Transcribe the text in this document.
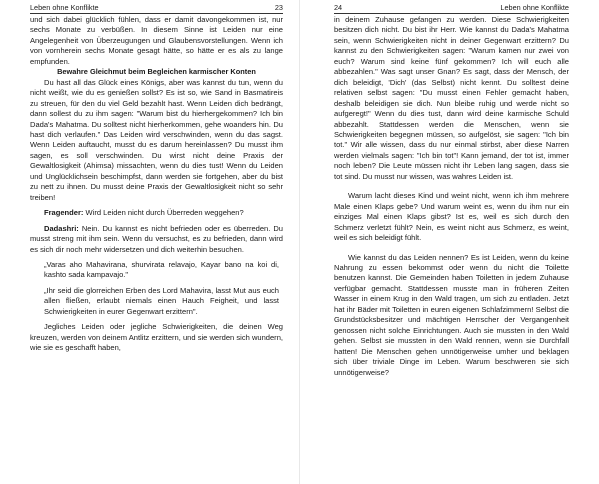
Leben ohne Konflikte	23

und sich dabei glücklich fühlen, dass er damit davongekommen ist, nur sechs Monate zu verbüßen. In diesem Sinne ist Leiden nur eine Angelegenheit von Überzeugungen und Glaubensvorstellungen. Wenn ich von vornherein sechs Monate gesagt hätte, so hätte er es als zu lange empfunden.

Bewahre Gleichmut beim Begleichen karmischer Konten

Du hast all das Glück eines Königs, aber was kannst du tun, wenn du nicht weißt, wie du es genießen sollst? Es ist so, wie Sand in Basmatireis zu streuen, für den du viel Geld bezahlt hast. Wenn Leiden dich bedrängt, dann sollest du zu ihm sagen: "Warum bist du hierhergekommen? Ich bin Dada's Mahatma. Du solltest nicht hierherkommen, gehe woanders hin. Du hast dich verlaufen." Das Leiden wird verschwinden, wenn du das sagst. Wenn Leiden auftaucht, musst du es darum hereinlassen? Du musst ihm sagen, es soll verschwinden. Du wirst nicht deine Praxis der Gewaltlosigkeit (Ahimsa) missachten, wenn du dies tust! Wenn du Leiden und Unglücklichsein beschimpfst, dann werden sie fortgehen, aber du bist zu nett zu ihnen. Du musst deine Praxis der Gewaltlosigkeit nicht so sehr treiben!

Fragender: Wird Leiden nicht durch Überreden weggehen?

Dadashri: Nein. Du kannst es nicht befrieden oder es überreden. Du musst streng mit ihm sein. Wenn du versuchst, es zu befrieden, dann wird es sich dir noch mehr widersetzen und dich weiterhin besuchen.

„Varas aho Mahavirana, shurvirata relavajo, Kayar bano na koi di, kashto sada kampavajo."

„Ihr seid die glorreichen Erben des Lord Mahavira, lasst Mut aus euch allen fließen, erlaubt niemals einen Hauch Feigheit, und lasst Schwierigkeiten in eurer Gegenwart erzittern".

Jegliches Leiden oder jegliche Schwierigkeiten, die deinen Weg kreuzen, werden von deinem Antlitz erzittern, und sie werden sich wundern, wie sie es geschafft haben,

24	Leben ohne Konflikte

in deinem Zuhause gefangen zu werden. Diese Schwierigkeiten besitzen dich nicht. Du bist ihr Herr. Wie kannst du Dada's Mahatma sein, wenn Schwierigkeiten nicht in deiner Gegenwart erzittern? Du kannst zu den Schwierigkeiten sagen: "Warum kamen nur zwei von euch? Warum sind keine fünf gekommen? Ich will euch alle abbezahlen." Was sagt unser Gnan? Es sagt, dass der Mensch, der dich beleidigt, 'Dich' (das Selbst) nicht kennt. Du solltest deine relativen selbst sagen: "Du musst einen Fehler gemacht haben, deshalb beleidigen sie dich. Nun bleibe ruhig und werde nicht so aufgeregt!" Wenn du dies tust, dann wird deine karmische Schuld abbezahlt. Stattdessen werden die Menschen, wenn sie Schwierigkeiten begegnen müssen, so aufgelöst, sie sagen: "Ich bin tot." Wir alle wissen, dass du nur einmal stirbst, aber diese Narren werden vielmals sagen: "Ich bin tot"! Kann jemand, der tot ist, immer noch leben? Die Leute müssen nicht ihr Leben lang sagen, dass sie tot sind. Du musst nur wissen, was wahres Leiden ist.

Warum lacht dieses Kind und weint nicht, wenn ich ihm mehrere Male einen Klaps gebe? Und warum weint es, wenn du ihm nur ein einziges Mal einen Klaps gibst? Ist es, weil es sich durch den Schmerz verletzt fühlt? Nein, es weint nicht aus Schmerz, es weint, weil es sich beleidigt fühlt.

Wie kannst du das Leiden nennen? Es ist Leiden, wenn du keine Nahrung zu essen bekommst oder wenn du nicht die Toilette benutzen kannst. Die Gemeinden haben Toiletten in jedem Zuhause verfügbar gemacht. Stattdessen musste man in früheren Zeiten Wasser in einem Krug in den Wald tragen, um sich zu entladen. Jetzt hat ihr Bäder mit Toiletten in euren eigenen Schlafzimmern! Selbst die Grundstücksbesitzer und mächtigen Herrscher der Vergangenheit genossen nicht solche Einrichtungen. Auch sie mussten in den Wald gehen. Selbst sie mussten in den Wald rennen, wenn sie Durchfall hatten! Die Menschen gehen unnötigerweise umher und beklagen sich über triviale Dinge im Leben. Warum beschweren sie sich unnötigerweise?
